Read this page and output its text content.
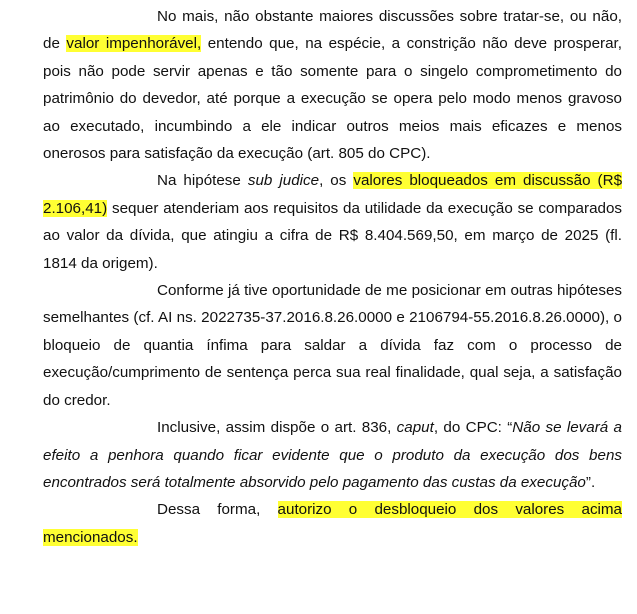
No mais, não obstante maiores discussões sobre tratar-se, ou não, de valor impenhorável, entendo que, na espécie, a constrição não deve prosperar, pois não pode servir apenas e tão somente para o singelo comprometimento do patrimônio do devedor, até porque a execução se opera pelo modo menos gravoso ao executado, incumbindo a ele indicar outros meios mais eficazes e menos onerosos para satisfação da execução (art. 805 do CPC).

Na hipótese sub judice, os valores bloqueados em discussão (R$ 2.106,41) sequer atenderiam aos requisitos da utilidade da execução se comparados ao valor da dívida, que atingiu a cifra de R$ 8.404.569,50, em março de 2025 (fl. 1814 da origem).

Conforme já tive oportunidade de me posicionar em outras hipóteses semelhantes (cf. AI ns. 2022735-37.2016.8.26.0000 e 2106794-55.2016.8.26.0000), o bloqueio de quantia ínfima para saldar a dívida faz com o processo de execução/cumprimento de sentença perca sua real finalidade, qual seja, a satisfação do credor.

Inclusive, assim dispõe o art. 836, caput, do CPC: “Não se levará a efeito a penhora quando ficar evidente que o produto da execução dos bens encontrados será totalmente absorvido pelo pagamento das custas da execução”.

Dessa forma, autorizo o desbloqueio dos valores acima mencionados.
